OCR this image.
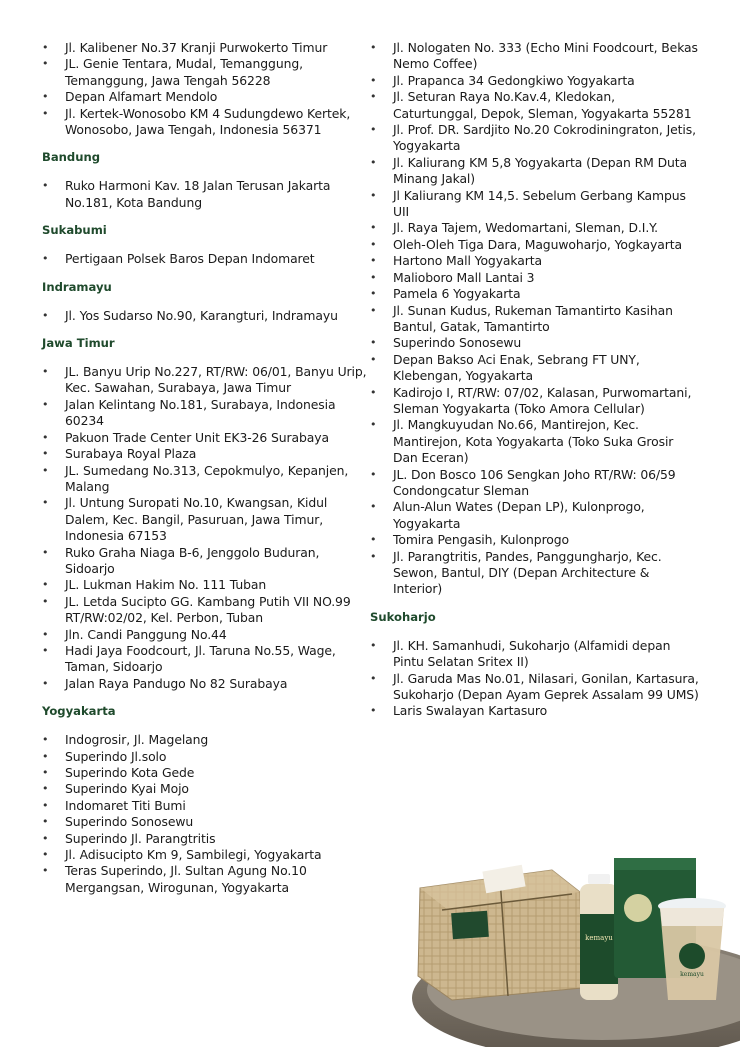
• Jl. Kalibener No.37 Kranji Purwokerto Timur
• JL. Genie Tentara, Mudal, Temanggung, Temanggung, Jawa Tengah 56228
• Depan Alfamart Mendolo
• Jl. Kertek-Wonosobo KM 4 Sudungdewo Kertek, Wonosobo, Jawa Tengah, Indonesia 56371
Bandung
• Ruko Harmoni Kav. 18 Jalan Terusan Jakarta No.181, Kota Bandung
Sukabumi
• Pertigaan Polsek Baros Depan Indomaret
Indramayu
• Jl. Yos Sudarso No.90, Karangturi, Indramayu
Jawa Timur
• JL. Banyu Urip No.227, RT/RW: 06/01, Banyu Urip, Kec. Sawahan, Surabaya, Jawa Timur
• Jalan Kelintang No.181, Surabaya, Indonesia 60234
• Pakuon Trade Center Unit EK3-26 Surabaya
• Surabaya Royal Plaza
• JL. Sumedang No.313, Cepokmulyo, Kepanjen, Malang
• Jl. Untung Suropati No.10, Kwangsan, Kidul Dalem, Kec. Bangil, Pasuruan, Jawa Timur, Indonesia 67153
• Ruko Graha Niaga B-6, Jenggolo Buduran, Sidoarjo
• JL. Lukman Hakim No. 111 Tuban
• JL. Letda Sucipto GG. Kambang Putih VII NO.99 RT/RW:02/02, Kel. Perbon, Tuban
• Jln. Candi Panggung No.44
• Hadi Jaya Foodcourt, Jl. Taruna No.55, Wage, Taman, Sidoarjo
• Jalan Raya Pandugo No 82 Surabaya
Yogyakarta
• Indogrosir, Jl. Magelang
• Superindo Jl.solo
• Superindo Kota Gede
• Superindo Kyai Mojo
• Indomaret Titi Bumi
• Superindo Sonosewu
• Superindo Jl. Parangtritis
• Jl. Adisucipto Km 9, Sambilegi, Yogyakarta
• Teras Superindo, Jl. Sultan Agung No.10 Mergangsan, Wirogunan, Yogyakarta
• Jl. Nologaten No. 333 (Echo Mini Foodcourt, Bekas Nemo Coffee)
• Jl. Prapanca 34 Gedongkiwo Yogyakarta
• Jl. Seturan Raya No.Kav.4, Kledokan, Caturtunggal, Depok, Sleman, Yogyakarta 55281
• Jl. Prof. DR. Sardjito No.20 Cokrodiningraton, Jetis, Yogyakarta
• Jl. Kaliurang KM 5,8 Yogyakarta (Depan RM Duta Minang Jakal)
• Jl Kaliurang KM 14,5. Sebelum Gerbang Kampus UII
• Jl. Raya Tajem, Wedomartani, Sleman, D.I.Y.
• Oleh-Oleh Tiga Dara, Maguwoharjo, Yogkayarta
• Hartono Mall Yogyakarta
• Malioboro Mall Lantai 3
• Pamela 6 Yogyakarta
• Jl. Sunan Kudus, Rukeman Tamantirto Kasihan Bantul, Gatak, Tamantirto
• Superindo Sonosewu
• Depan Bakso Aci Enak, Sebrang FT UNY, Klebengan, Yogyakarta
• Kadirojo I, RT/RW: 07/02, Kalasan, Purwomartani, Sleman Yogyakarta (Toko Amora Cellular)
• Jl. Mangkuyudan No.66, Mantirejon, Kec. Mantirejon, Kota Yogyakarta (Toko Suka Grosir Dan Eceran)
• JL. Don Bosco 106 Sengkan Joho RT/RW: 06/59 Condongcatur Sleman
• Alun-Alun Wates (Depan LP), Kulonprogo, Yogyakarta
• Tomira Pengasih, Kulonprogo
• Jl. Parangtritis, Pandes, Panggungharjo, Kec. Sewon, Bantul, DIY (Depan Architecture & Interior)
Sukoharjo
• Jl. KH. Samanhudi, Sukoharjo (Alfamidi depan Pintu Selatan Sritex II)
• Jl. Garuda Mas No.01, Nilasari, Gonilan, Kartasura, Sukoharjo (Depan Ayam Geprek Assalam 99 UMS)
• Laris Swalayan Kartasuro
kemayu
kemayu
